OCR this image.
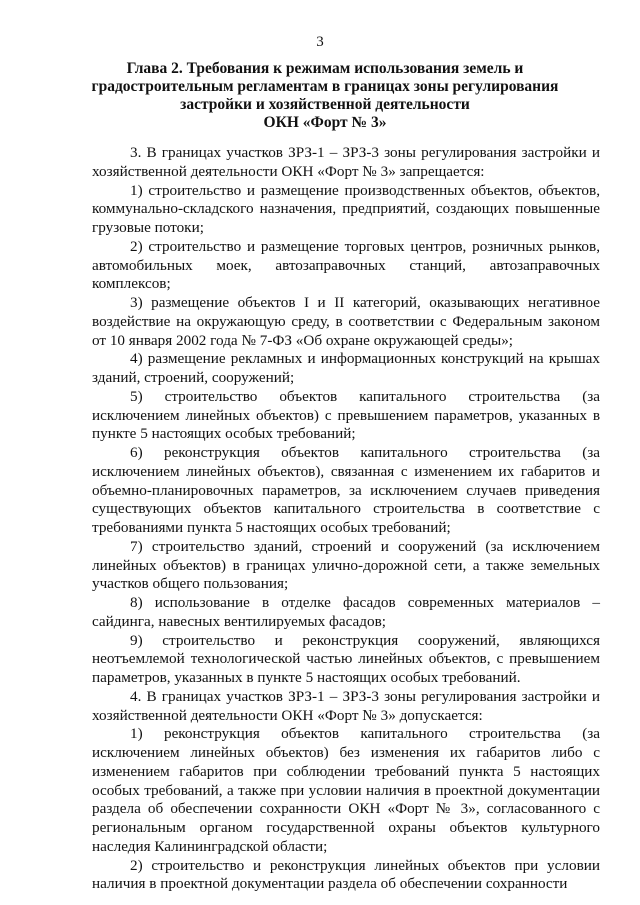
3
Глава 2. Требования к режимам использования земель и
градостроительным регламентам в границах зоны регулирования
застройки и хозяйственной деятельности
ОКН «Форт № 3»

3. В границах участков ЗРЗ-1 – ЗРЗ-3 зоны регулирования застройки и хозяйственной деятельности ОКН «Форт № 3» запрещается:

1) строительство и размещение производственных объектов, объектов, коммунально-складского назначения, предприятий, создающих повышенные грузовые потоки;

2) строительство и размещение торговых центров, розничных рынков, автомобильных моек, автозаправочных станций, автозаправочных комплексов;

3) размещение объектов I и II категорий, оказывающих негативное воздействие на окружающую среду, в соответствии с Федеральным законом от 10 января 2002 года № 7-ФЗ «Об охране окружающей среды»;

4) размещение рекламных и информационных конструкций на крышах зданий, строений, сооружений;

5) строительство объектов капитального строительства (за исключением линейных объектов) с превышением параметров, указанных в пункте 5 настоящих особых требований;

6) реконструкция объектов капитального строительства (за исключением линейных объектов), связанная с изменением их габаритов и объемно-планировочных параметров, за исключением случаев приведения существующих объектов капитального строительства в соответствие с требованиями пункта 5 настоящих особых требований;

7) строительство зданий, строений и сооружений (за исключением линейных объектов) в границах улично-дорожной сети, а также земельных участков общего пользования;

8) использование в отделке фасадов современных материалов – сайдинга, навесных вентилируемых фасадов;

9) строительство и реконструкция сооружений, являющихся неотъемлемой технологической частью линейных объектов, с превышением параметров, указанных в пункте 5 настоящих особых требований.

4. В границах участков ЗРЗ-1 – ЗРЗ-3 зоны регулирования застройки и хозяйственной деятельности ОКН «Форт № 3» допускается:

1) реконструкция объектов капитального строительства (за исключением линейных объектов) без изменения их габаритов либо с изменением габаритов при соблюдении требований пункта 5 настоящих особых требований, а также при условии наличия в проектной документации раздела об обеспечении сохранности ОКН «Форт № 3», согласованного с региональным органом государственной охраны объектов культурного наследия Калининградской области;

2) строительство и реконструкция линейных объектов при условии наличия в проектной документации раздела об обеспечении сохранности
